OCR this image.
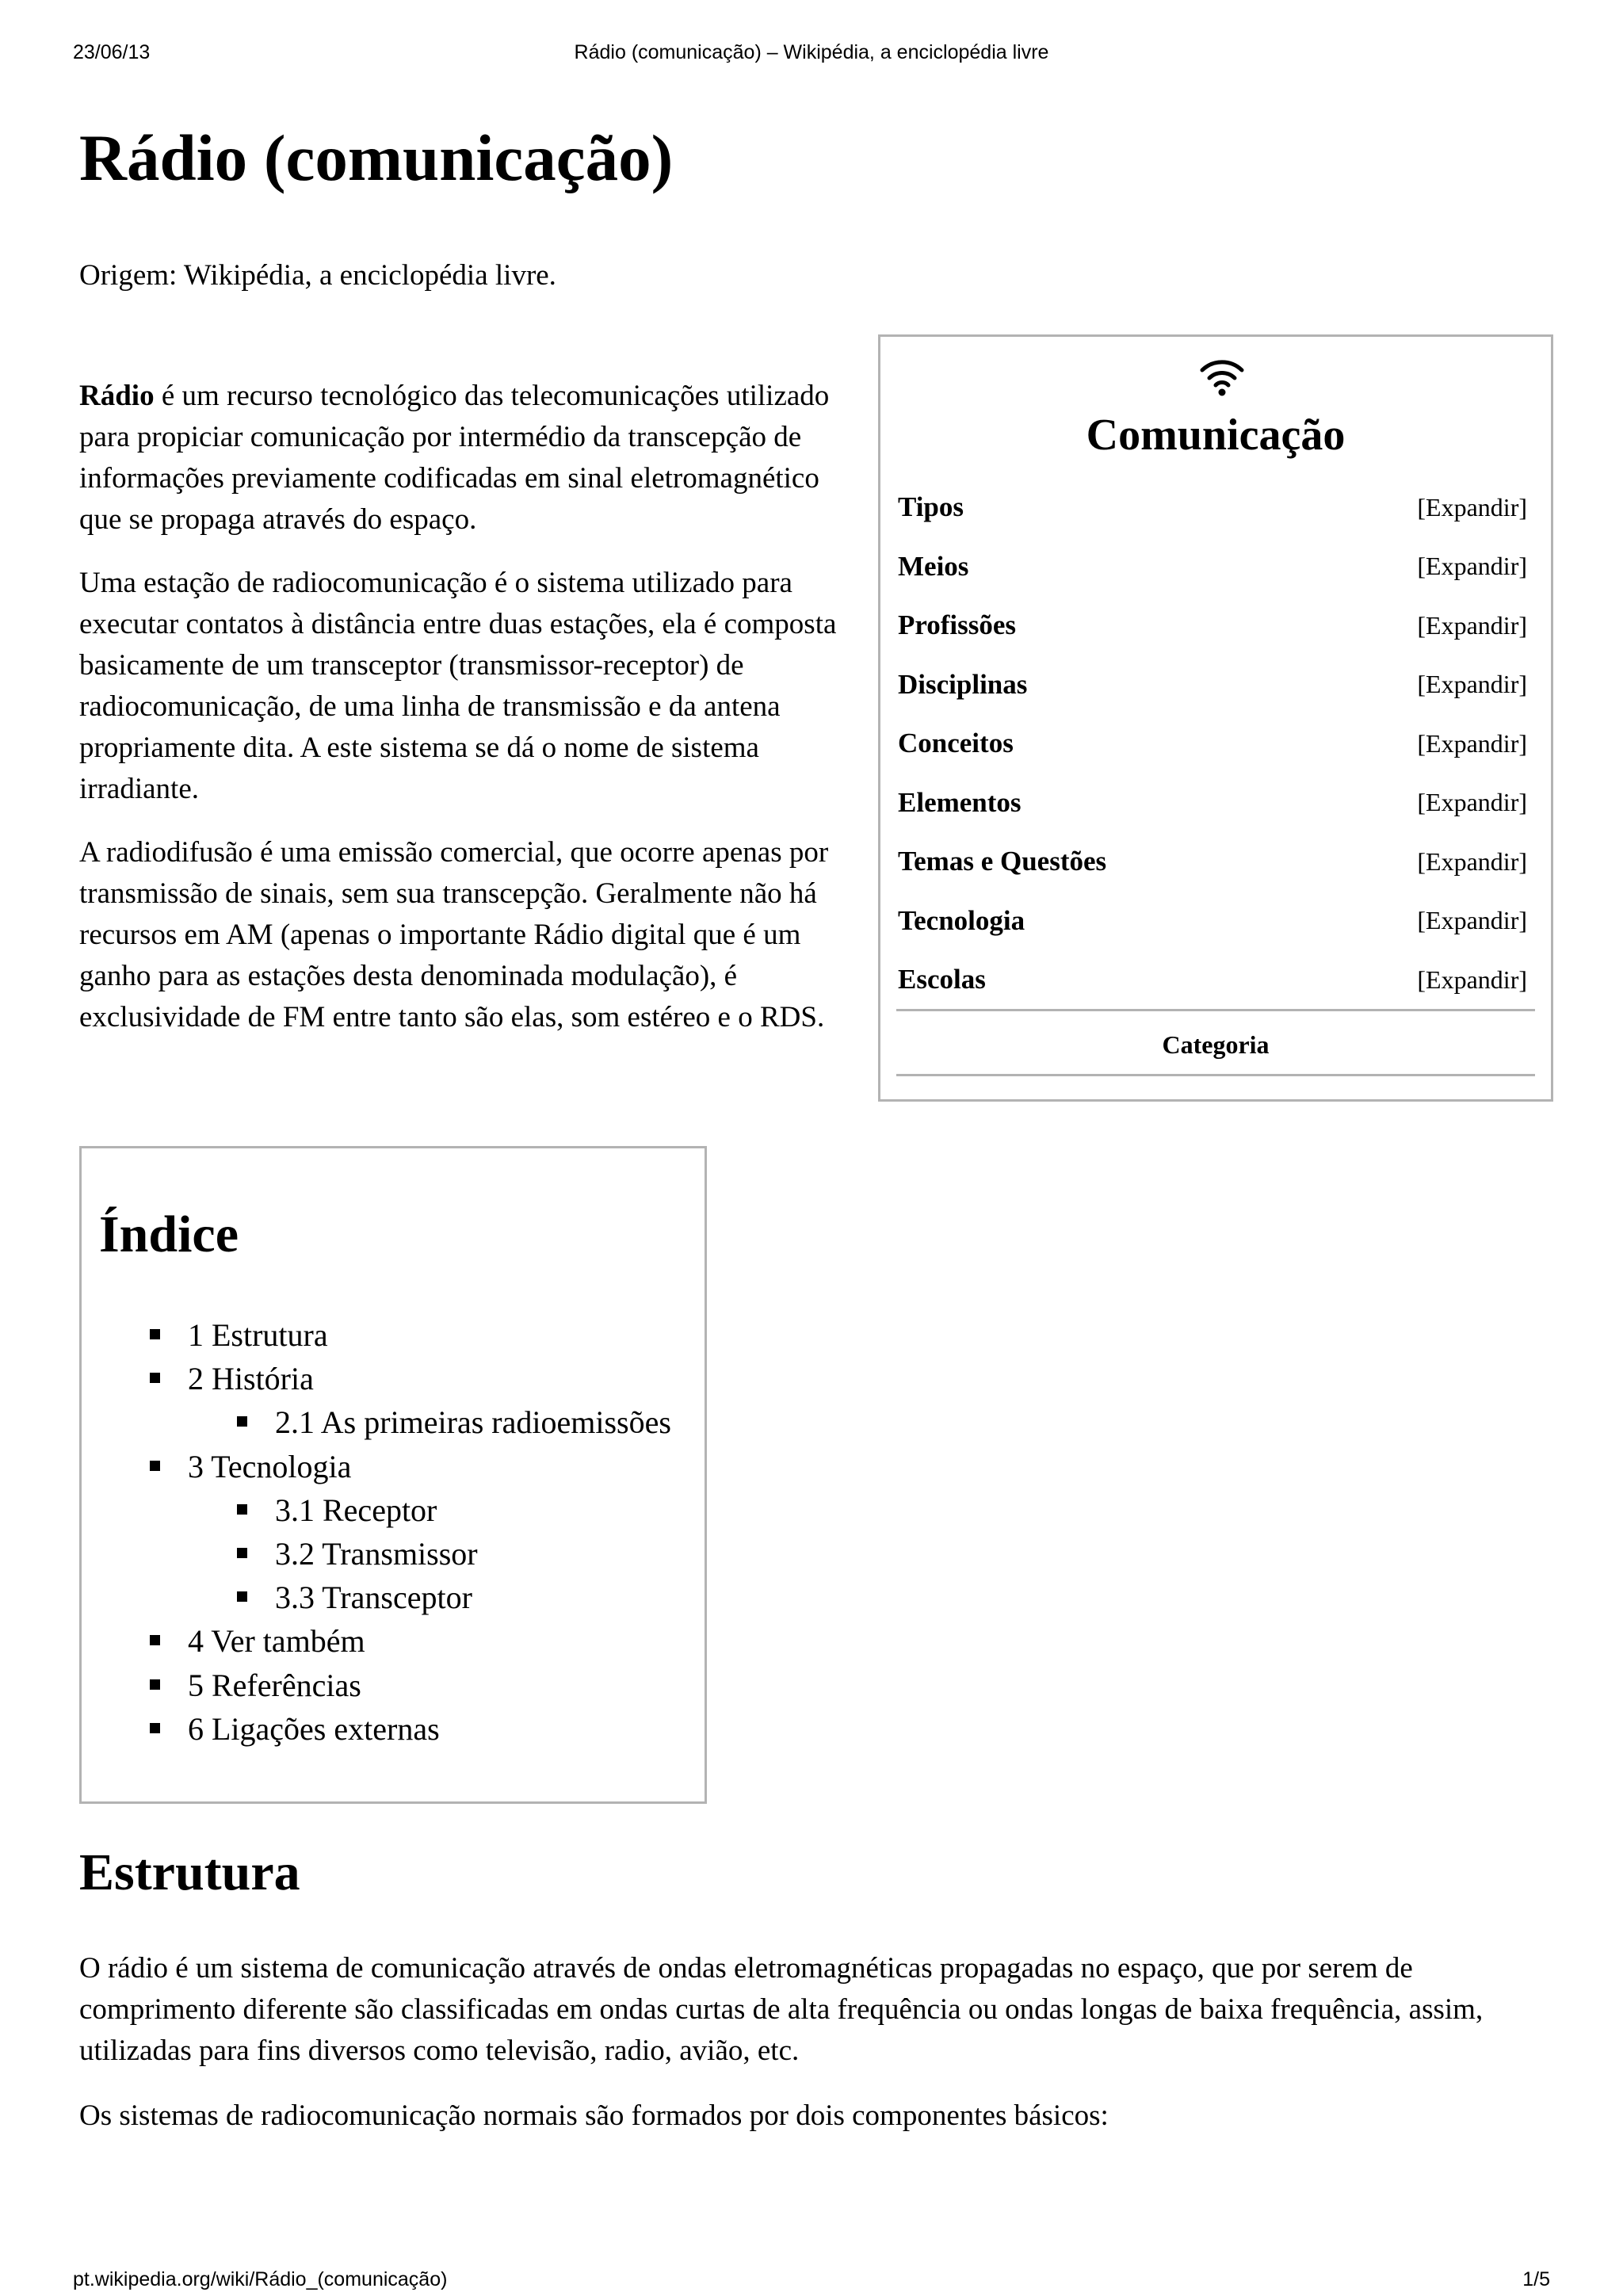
23/06/13	Rádio (comunicação) – Wikipédia, a enciclopédia livre
Rádio (comunicação)

Origem: Wikipédia, a enciclopédia livre.

Rádio é um recurso tecnológico das telecomunicações utilizado para propiciar comunicação por intermédio da transcepção de informações previamente codificadas em sinal eletromagnético que se propaga através do espaço.

Uma estação de radiocomunicação é o sistema utilizado para executar contatos à distância entre duas estações, ela é composta basicamente de um transceptor (transmissor-receptor) de radiocomunicação, de uma linha de transmissão e da antena propriamente dita. A este sistema se dá o nome de sistema irradiante.

A radiodifusão é uma emissão comercial, que ocorre apenas por transmissão de sinais, sem sua transcepção. Geralmente não há recursos em AM (apenas o importante Rádio digital que é um ganho para as estações desta denominada modulação), é exclusividade de FM entre tanto são elas, som estéreo e o RDS.

Comunicação
Tipos	[Expandir]
Meios	[Expandir]
Profissões	[Expandir]
Disciplinas	[Expandir]
Conceitos	[Expandir]
Elementos	[Expandir]
Temas e Questões	[Expandir]
Tecnologia	[Expandir]
Escolas	[Expandir]
Categoria
Índice
1 Estrutura
2 História
2.1 As primeiras radioemissões
3 Tecnologia
3.1 Receptor
3.2 Transmissor
3.3 Transceptor
4 Ver também
5 Referências
6 Ligações externas
Estrutura

O rádio é um sistema de comunicação através de ondas eletromagnéticas propagadas no espaço, que por serem de comprimento diferente são classificadas em ondas curtas de alta frequência ou ondas longas de baixa frequência, assim, utilizadas para fins diversos como televisão, radio, avião, etc.

Os sistemas de radiocomunicação normais são formados por dois componentes básicos:

pt.wikipedia.org/wiki/Rádio_(comunicação)	1/5
